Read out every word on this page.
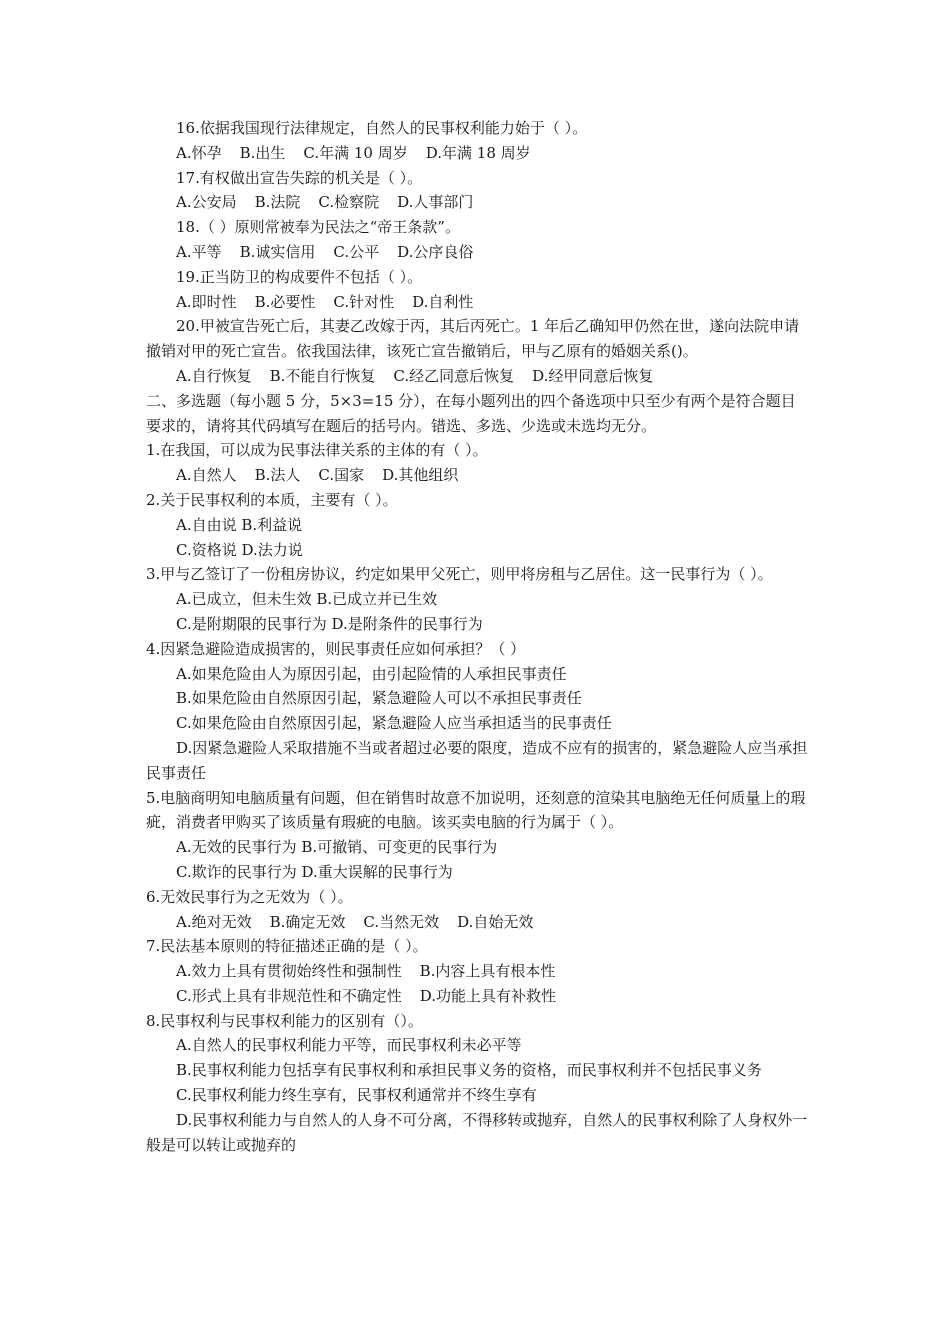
16.依据我国现行法律规定，自然人的民事权利能力始于（ ）。

A.怀孕 B.出生 C.年满 10 周岁 D.年满 18 周岁

17.有权做出宣告失踪的机关是（ ）。

A.公安局 B.法院 C.检察院 D.人事部门

18.（ ）原则常被奉为民法之“帝王条款”。

A.平等 B.诚实信用 C.公平 D.公序良俗

19.正当防卫的构成要件不包括（ ）。

A.即时性 B.必要性 C.针对性 D.自利性

20.甲被宣告死亡后，其妻乙改嫁于丙，其后丙死亡。1 年后乙确知甲仍然在世，遂向法院申请撤销对甲的死亡宣告。依我国法律，该死亡宣告撤销后，甲与乙原有的婚姻关系()。

A.自行恢复 B.不能自行恢复 C.经乙同意后恢复 D.经甲同意后恢复

二、多选题（每小题 5 分，5×3=15 分），在每小题列出的四个备选项中只至少有两个是符合题目要求的，请将其代码填写在题后的括号内。错选、多选、少选或未选均无分。

1.在我国，可以成为民事法律关系的主体的有（ ）。

A.自然人 B.法人 C.国家 D.其他组织

2.关于民事权利的本质，主要有（ ）。

A.自由说 B.利益说

C.资格说 D.法力说

3.甲与乙签订了一份租房协议，约定如果甲父死亡，则甲将房租与乙居住。这一民事行为（ ）。

A.已成立，但未生效 B.已成立并已生效

C.是附期限的民事行为 D.是附条件的民事行为

4.因紧急避险造成损害的，则民事责任应如何承担？（ ）

A.如果危险由人为原因引起，由引起险情的人承担民事责任

B.如果危险由自然原因引起，紧急避险人可以不承担民事责任

C.如果危险由自然原因引起，紧急避险人应当承担适当的民事责任

D.因紧急避险人采取措施不当或者超过必要的限度，造成不应有的损害的，紧急避险人应当承担民事责任

5.电脑商明知电脑质量有问题，但在销售时故意不加说明，还刻意的渲染其电脑绝无任何质量上的瑕疵，消费者甲购买了该质量有瑕疵的电脑。该买卖电脑的行为属于（ ）。

A.无效的民事行为 B.可撤销、可变更的民事行为

C.欺诈的民事行为 D.重大误解的民事行为

6.无效民事行为之无效为（ ）。

A.绝对无效 B.确定无效 C.当然无效 D.自始无效

7.民法基本原则的特征描述正确的是（ ）。

A.效力上具有贯彻始终性和强制性 B.内容上具有根本性

C.形式上具有非规范性和不确定性 D.功能上具有补救性

8.民事权利与民事权利能力的区别有（）。

A.自然人的民事权利能力平等，而民事权利未必平等

B.民事权利能力包括享有民事权利和承担民事义务的资格，而民事权利并不包括民事义务

C.民事权利能力终生享有，民事权利通常并不终生享有

D.民事权利能力与自然人的人身不可分离，不得移转或抛弃，自然人的民事权利除了人身权外一般是可以转让或抛弃的
